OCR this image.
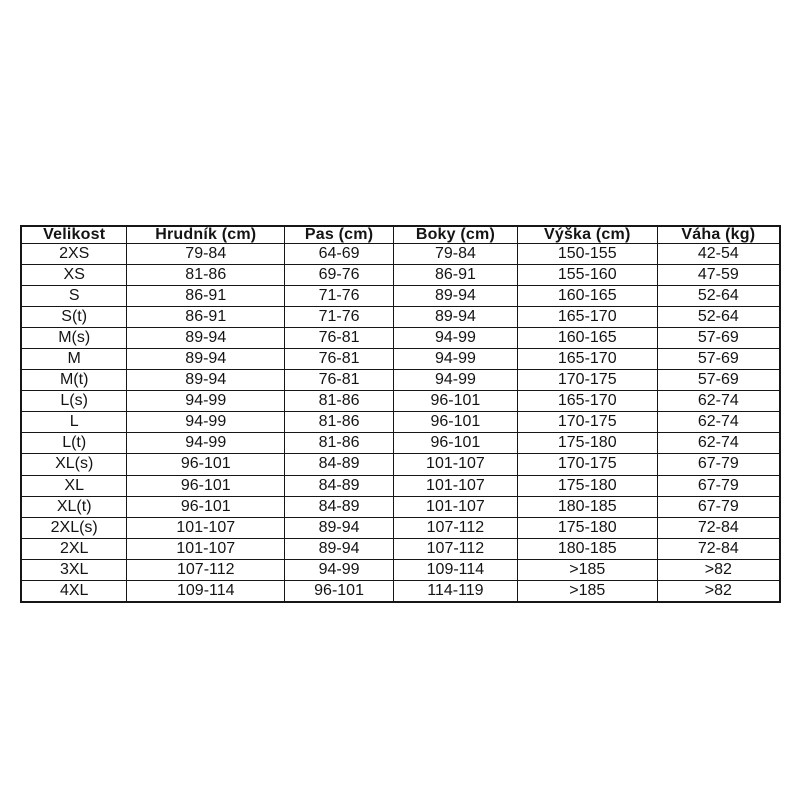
Velikost	Hrudník (cm)	Pas (cm)	Boky (cm)	Výška (cm)	Váha (kg)
2XS	79-84	64-69	79-84	150-155	42-54
XS	81-86	69-76	86-91	155-160	47-59
S	86-91	71-76	89-94	160-165	52-64
S(t)	86-91	71-76	89-94	165-170	52-64
M(s)	89-94	76-81	94-99	160-165	57-69
M	89-94	76-81	94-99	165-170	57-69
M(t)	89-94	76-81	94-99	170-175	57-69
L(s)	94-99	81-86	96-101	165-170	62-74
L	94-99	81-86	96-101	170-175	62-74
L(t)	94-99	81-86	96-101	175-180	62-74
XL(s)	96-101	84-89	101-107	170-175	67-79
XL	96-101	84-89	101-107	175-180	67-79
XL(t)	96-101	84-89	101-107	180-185	67-79
2XL(s)	101-107	89-94	107-112	175-180	72-84
2XL	101-107	89-94	107-112	180-185	72-84
3XL	107-112	94-99	109-114	>185	>82
4XL	109-114	96-101	114-119	>185	>82
